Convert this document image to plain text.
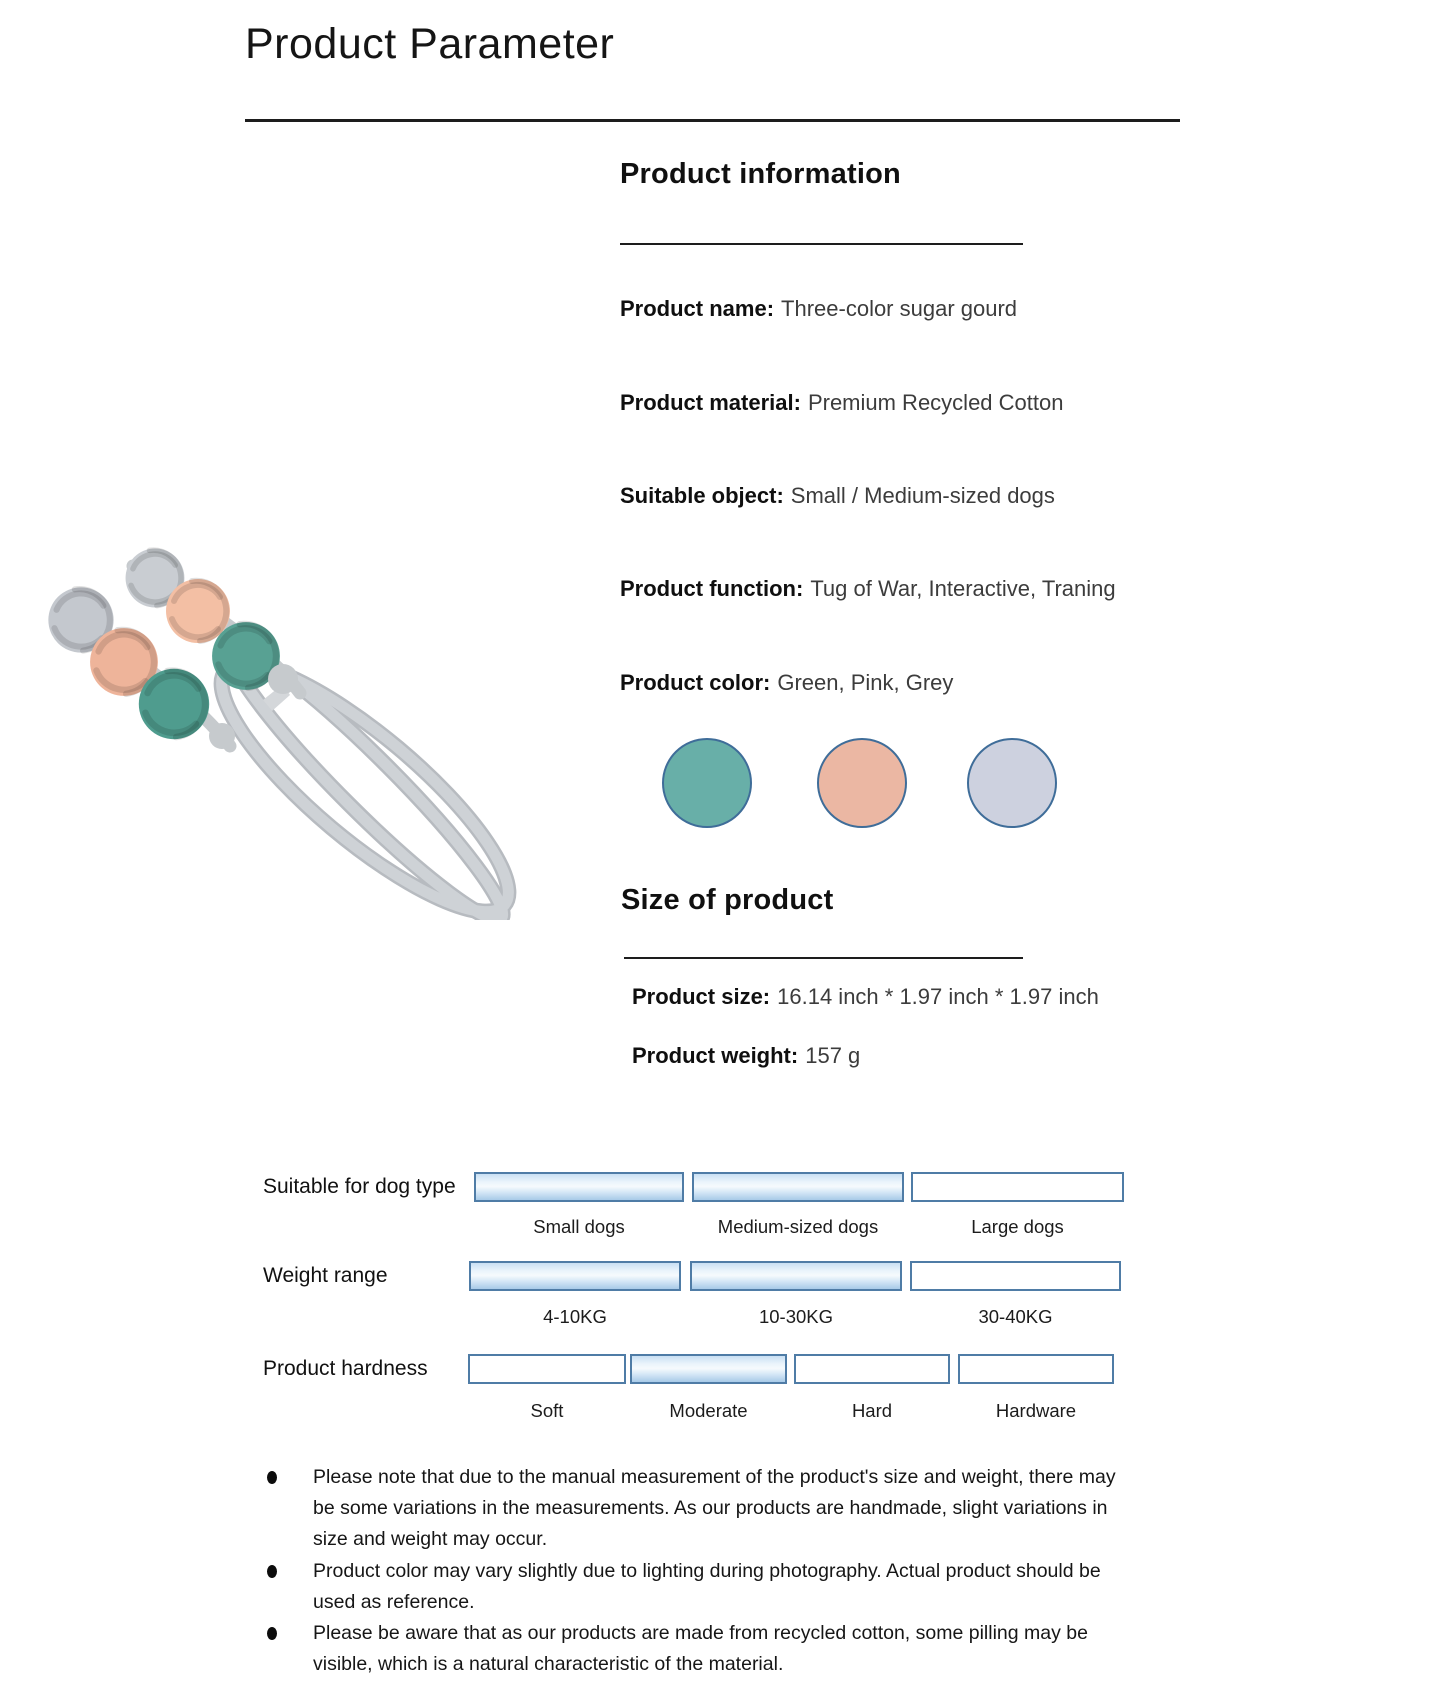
Product Parameter
Product information
Product name: Three-color sugar gourd
Product material: Premium Recycled Cotton
Suitable object: Small / Medium-sized dogs
Product function: Tug of War, Interactive, Traning
Product color: Green, Pink, Grey
Size of product
Product size: 16.14 inch * 1.97 inch * 1.97 inch
Product weight: 157 g
Suitable for dog type
Small dogs	Medium-sized dogs	Large dogs
Weight range
4-10KG	10-30KG	30-40KG
Product hardness
Soft	Moderate	Hard	Hardware
Please note that due to the manual measurement of the product's size and weight, there may be some variations in the measurements. As our products are handmade, slight variations in size and weight may occur.
Product color may vary slightly due to lighting during photography. Actual product should be used as reference.
Please be aware that as our products are made from recycled cotton, some pilling may be visible, which is a natural characteristic of the material.
